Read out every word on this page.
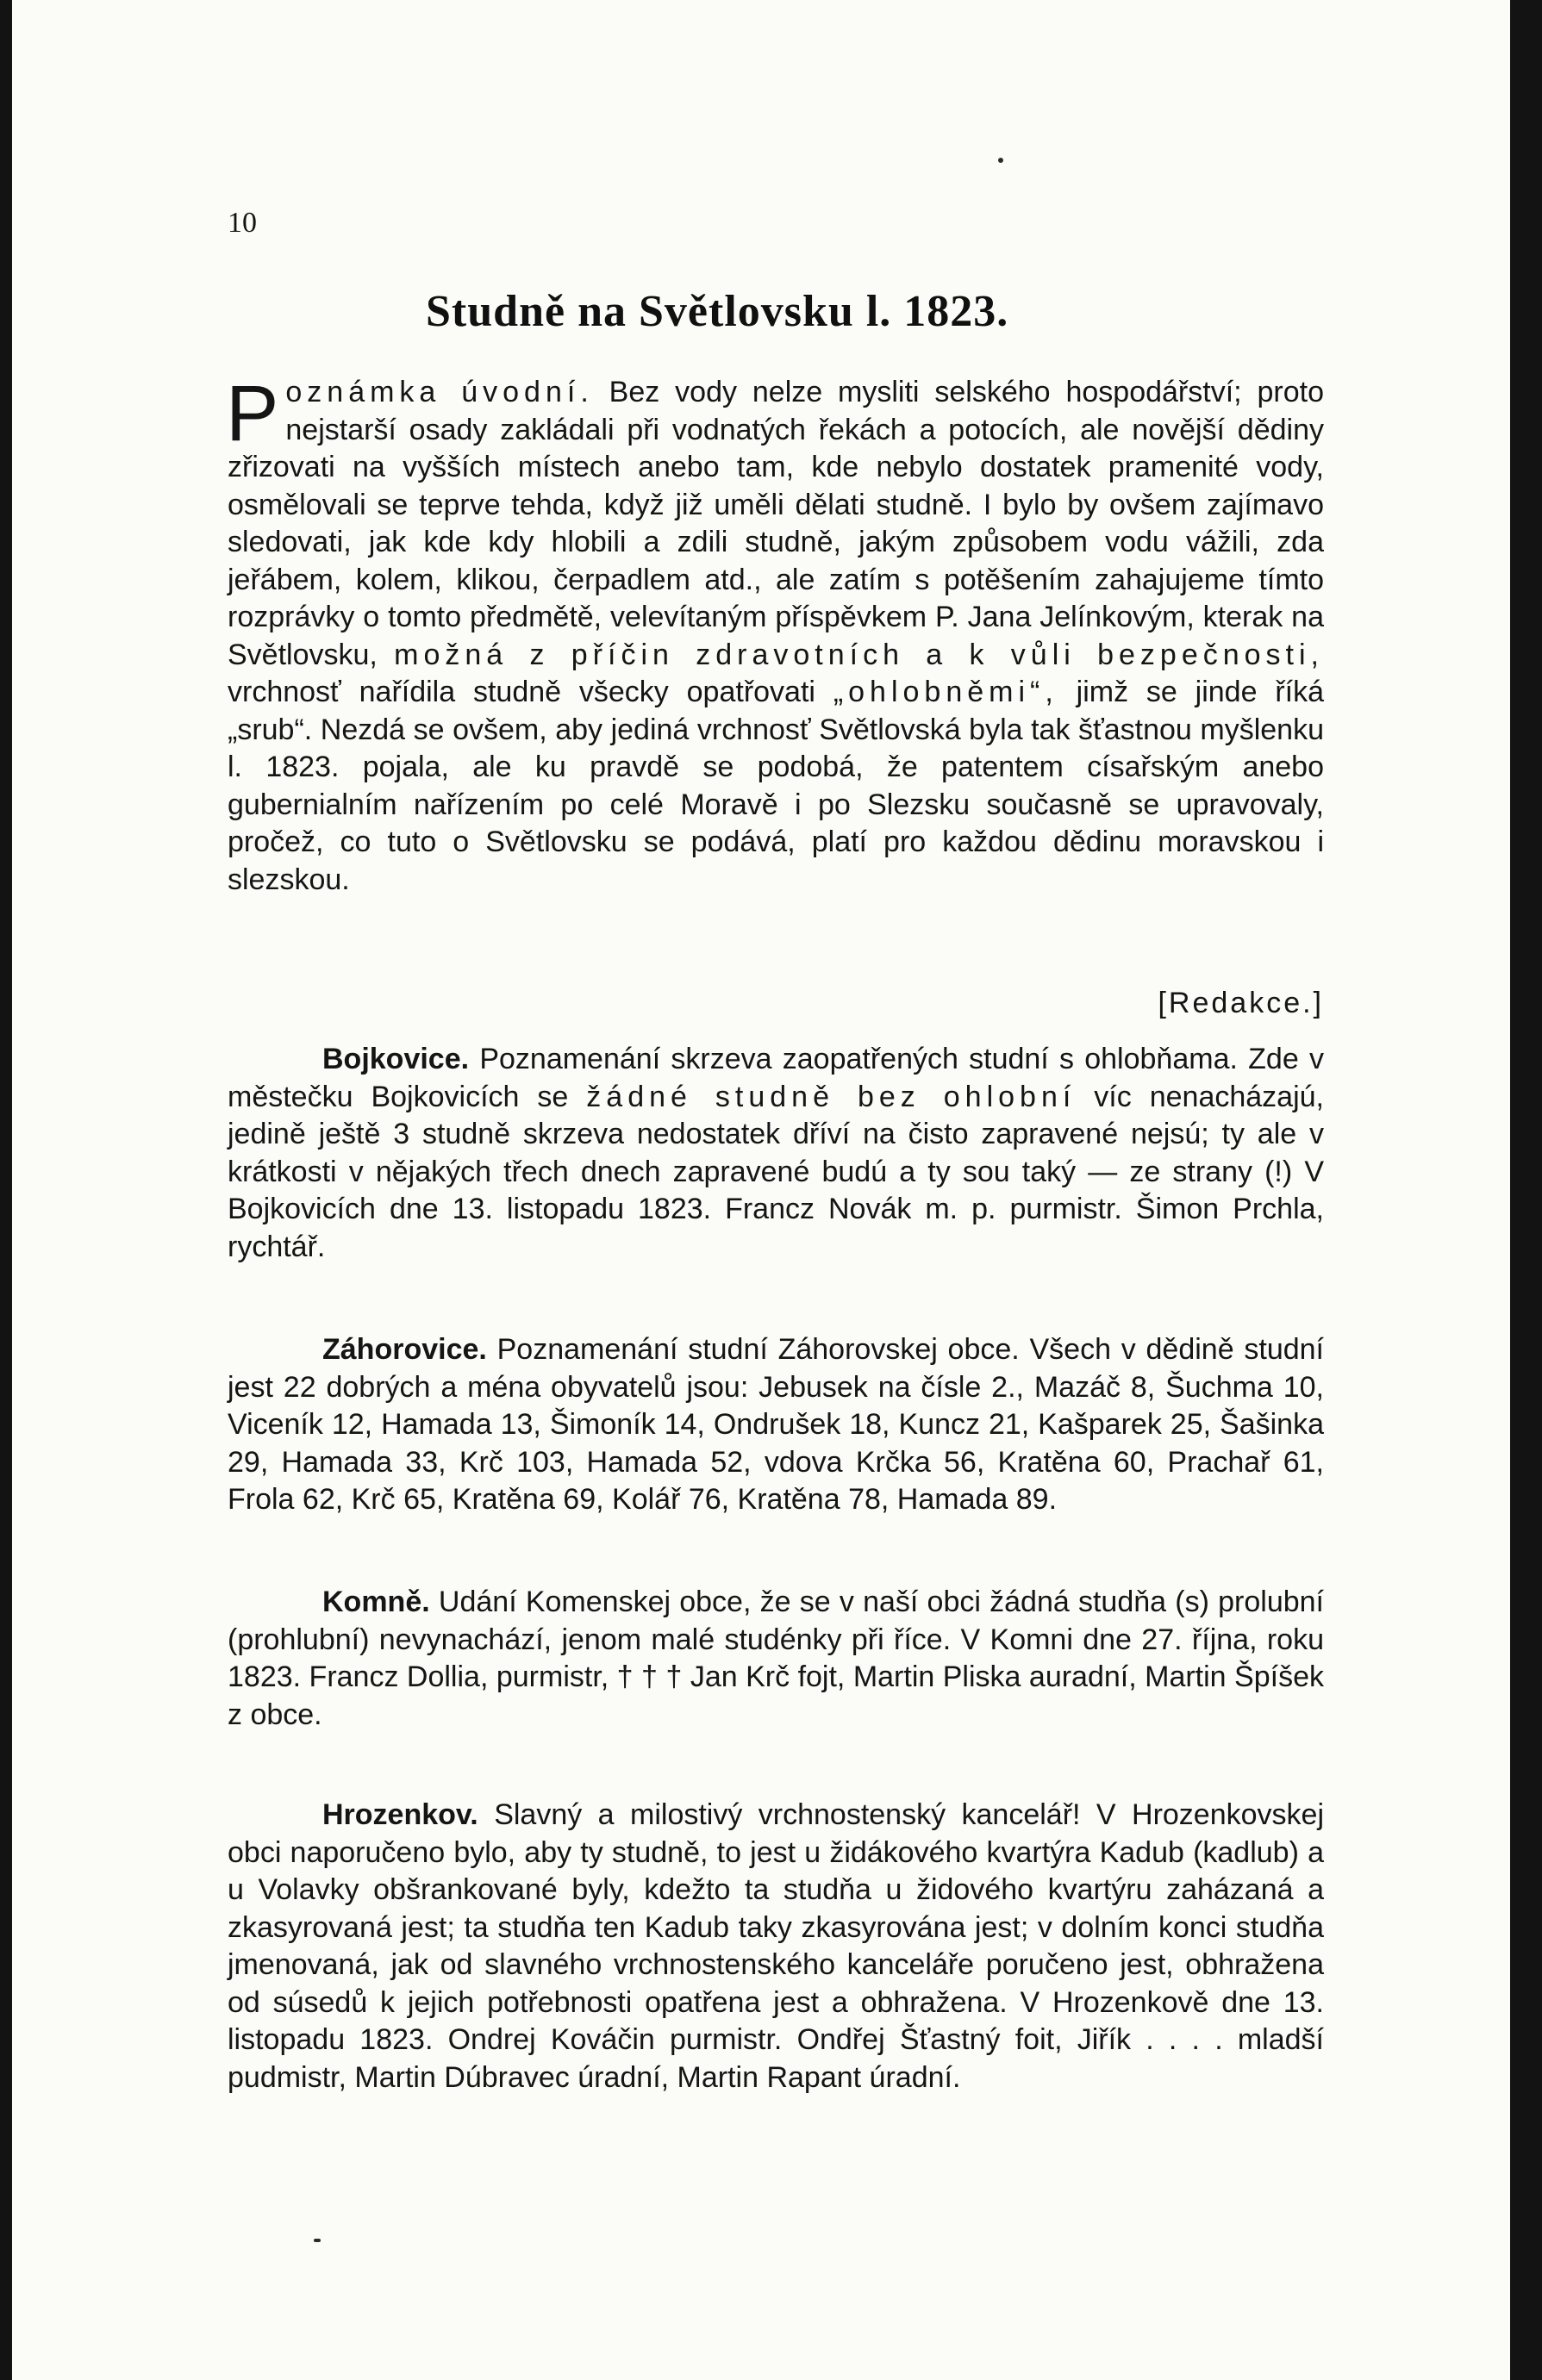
10
Studně na Světlovsku l. 1823.
Poznámka úvodní. Bez vody nelze mysliti selského hospodářství; proto nejstarší osady zakládali při vodnatých řekách a potocích, ale novější dědiny zřizovati na vyšších místech anebo tam, kde nebylo dostatek pramenité vody, osmělovali se teprve tehda, když již uměli dělati studně. I bylo by ovšem zajímavo sledovati, jak kde kdy hlobili a zdili studně, jakým způsobem vodu vážili, zda jeřábem, kolem, klikou, čerpadlem atd., ale zatím s potěšením zahajujeme tímto rozprávky o tomto předmětě, velevítaným příspěvkem P. Jana Jelínkovým, kterak na Světlovsku, možná z příčin zdravotních a k vůli bezpečnosti, vrchnosť nařídila studně všecky opatřovati „ohlobněmi“, jimž se jinde říká „srub“. Nezdá se ovšem, aby jediná vrchnosť Světlovská byla tak šťastnou myšlenku l. 1823. pojala, ale ku pravdě se podobá, že patentem císařským anebo gubernialním nařízením po celé Moravě i po Slezsku současně se upravovaly, pročež, co tuto o Světlovsku se podává, platí pro každou dědinu moravskou i slezskou.
[Redakce.]
Bojkovice. Poznamenání skrzeva zaopatřených studní s ohlobňama. Zde v městečku Bojkovicích se žádné studně bez ohlobní víc nenacházajú, jedině ještě 3 studně skrzeva nedostatek dříví na čisto zapravené nejsú; ty ale v krátkosti v nějakých třech dnech zapravené budú a ty sou taký — ze strany (!) V Bojkovicích dne 13. listopadu 1823. Francz Novák m. p. purmistr. Šimon Prchla, rychtář.
Záhorovice. Poznamenání studní Záhorovskej obce. Všech v dědině studní jest 22 dobrých a ména obyvatelů jsou: Jebusek na čísle 2., Mazáč 8, Šuchma 10, Viceník 12, Hamada 13, Šimoník 14, Ondrušek 18, Kuncz 21, Kašparek 25, Šašinka 29, Hamada 33, Krč 103, Hamada 52, vdova Krčka 56, Kratěna 60, Prachař 61, Frola 62, Krč 65, Kratěna 69, Kolář 76, Kratěna 78, Hamada 89.
Komně. Udání Komenskej obce, že se v naší obci žádná studňa (s) prolubní (prohlubní) nevynachází, jenom malé studénky při říce. V Komni dne 27. října, roku 1823. Francz Dollia, purmistr, † † † Jan Krč fojt, Martin Pliska auradní, Martin Špíšek z obce.
Hrozenkov. Slavný a milostivý vrchnostenský kancelář! V Hrozenkovskej obci naporučeno bylo, aby ty studně, to jest u židákového kvartýra Kadub (kadlub) a u Volavky obšrankované byly, kdežto ta studňa u židového kvartýru zaházaná a zkasyrovaná jest; ta studňa ten Kadub taky zkasyrována jest; v dolním konci studňa jmenovaná, jak od slavného vrchnostenského kanceláře poručeno jest, obhražena od súsedů k jejich potřebnosti opatřena jest a obhražena. V Hrozenkově dne 13. listopadu 1823. Ondrej Kováčin purmistr. Ondřej Šťastný foit, Jiřík . . . . mladší pudmistr, Martin Dúbravec úradní, Martin Rapant úradní.
